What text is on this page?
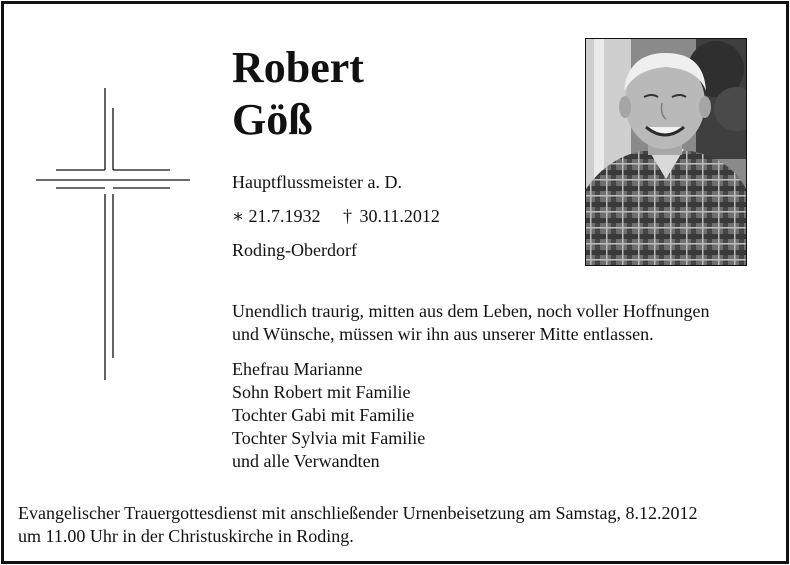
Robert
Göß
Hauptflussmeister a. D.
∗ 21.7.1932 † 30.11.2012
Roding-Oberdorf
Unendlich traurig, mitten aus dem Leben, noch voller Hoffnungen
und Wünsche, müssen wir ihn aus unserer Mitte entlassen.
Ehefrau Marianne
Sohn Robert mit Familie
Tochter Gabi mit Familie
Tochter Sylvia mit Familie
und alle Verwandten
Evangelischer Trauergottesdienst mit anschließender Urnenbeisetzung am Samstag, 8.12.2012
um 11.00 Uhr in der Christuskirche in Roding.
